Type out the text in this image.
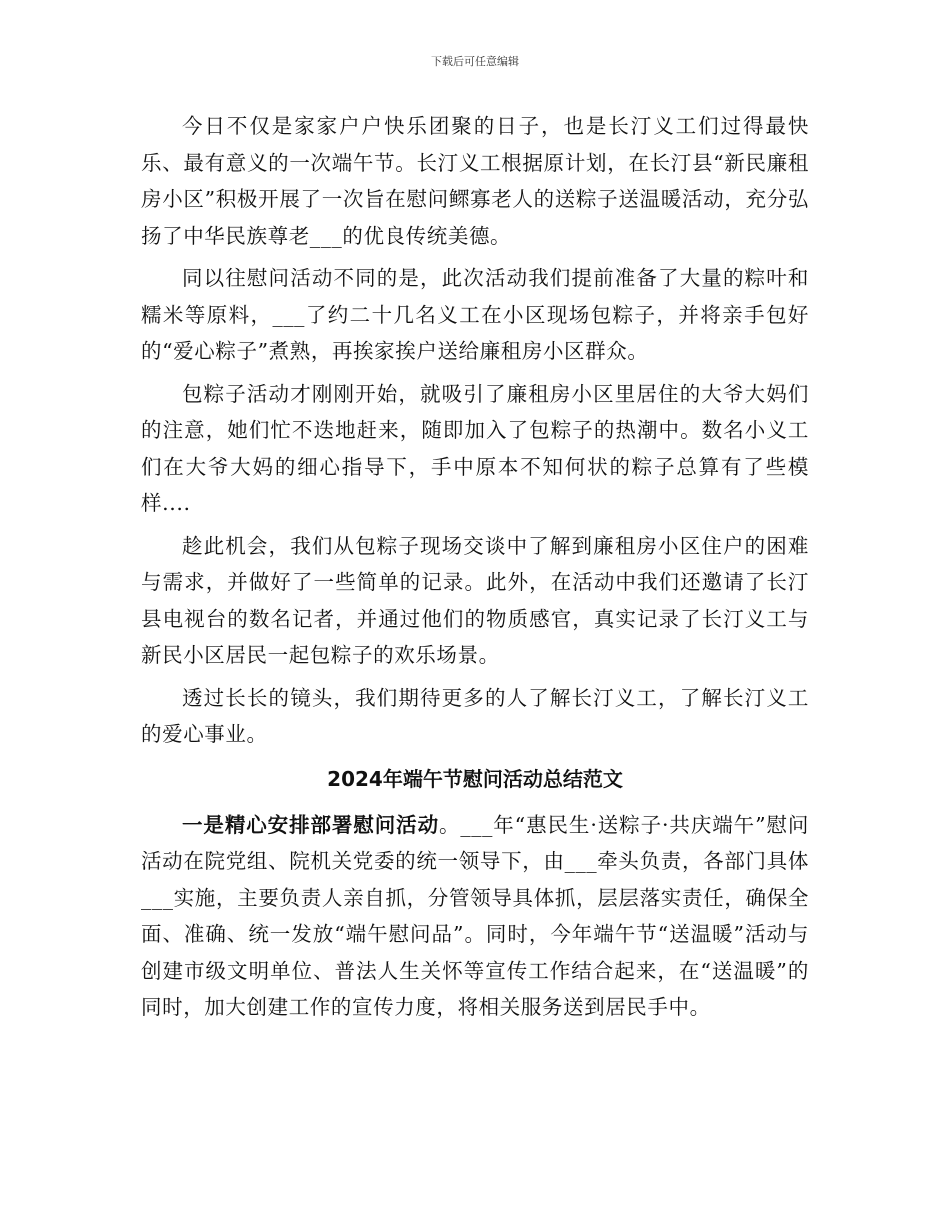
下载后可任意编辑

今日不仅是家家户户快乐团聚的日子，也是长汀义工们过得最快乐、最有意义的一次端午节。长汀义工根据原计划，在长汀县“新民廉租房小区”积极开展了一次旨在慰问鳏寡老人的送粽子送温暖活动，充分弘扬了中华民族尊老___的优良传统美德。

同以往慰问活动不同的是，此次活动我们提前准备了大量的粽叶和糯米等原料，___了约二十几名义工在小区现场包粽子，并将亲手包好的“爱心粽子”煮熟，再挨家挨户送给廉租房小区群众。

包粽子活动才刚刚开始，就吸引了廉租房小区里居住的大爷大妈们的注意，她们忙不迭地赶来，随即加入了包粽子的热潮中。数名小义工们在大爷大妈的细心指导下，手中原本不知何状的粽子总算有了些模样....

趁此机会，我们从包粽子现场交谈中了解到廉租房小区住户的困难与需求，并做好了一些简单的记录。此外，在活动中我们还邀请了长汀县电视台的数名记者，并通过他们的物质感官，真实记录了长汀义工与新民小区居民一起包粽子的欢乐场景。

透过长长的镜头，我们期待更多的人了解长汀义工，了解长汀义工的爱心事业。

2024年端午节慰问活动总结范文

一是精心安排部署慰问活动。___年“惠民生·送粽子·共庆端午”慰问活动在院党组、院机关党委的统一领导下，由___牵头负责，各部门具体___实施，主要负责人亲自抓，分管领导具体抓，层层落实责任，确保全面、准确、统一发放“端午慰问品”。同时，今年端午节“送温暖”活动与创建市级文明单位、普法人生关怀等宣传工作结合起来，在“送温暖”的同时，加大创建工作的宣传力度，将相关服务送到居民手中。
